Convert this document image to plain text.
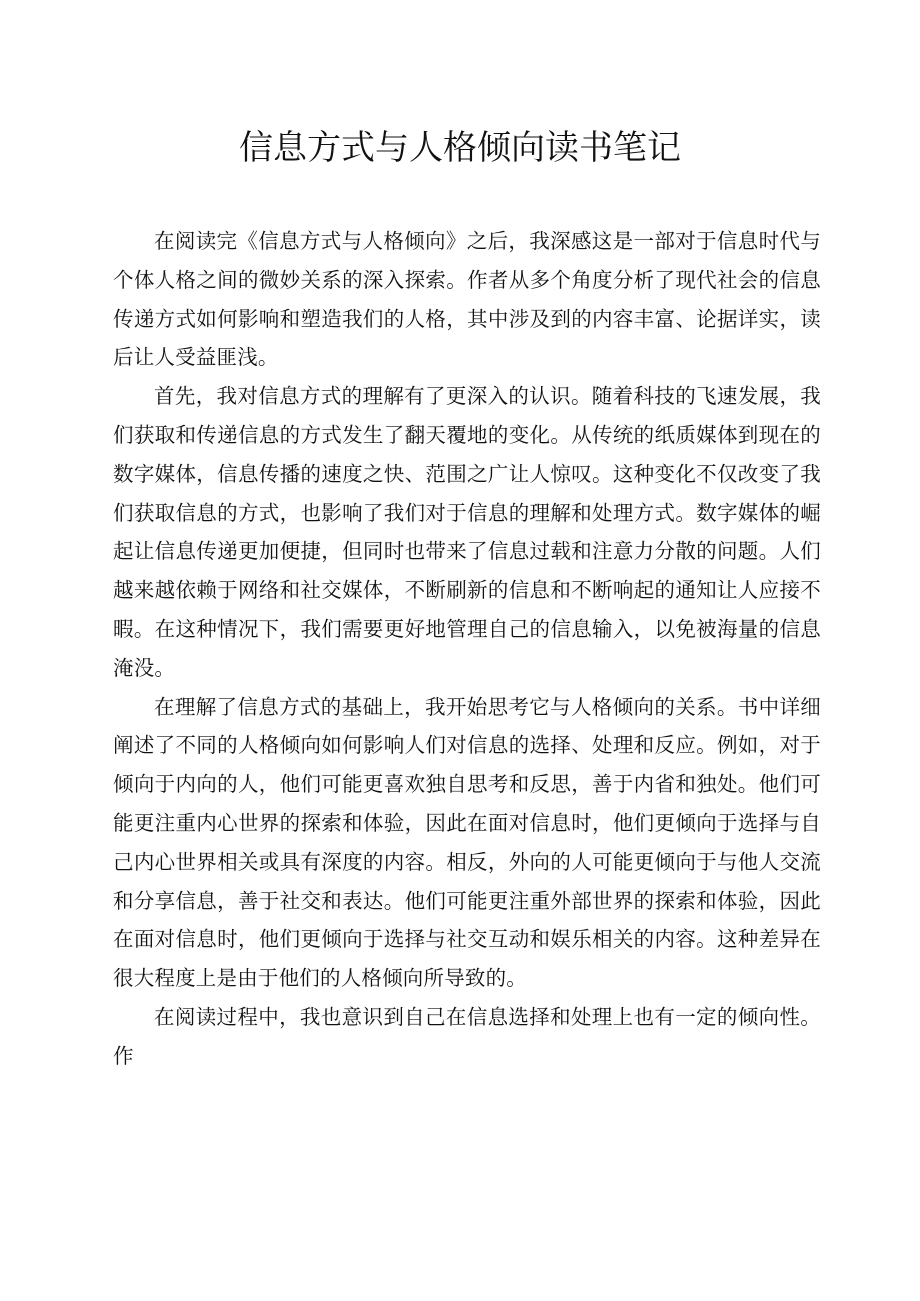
信息方式与人格倾向读书笔记

在阅读完《信息方式与人格倾向》之后，我深感这是一部对于信息时代与个体人格之间的微妙关系的深入探索。作者从多个角度分析了现代社会的信息传递方式如何影响和塑造我们的人格，其中涉及到的内容丰富、论据详实，读后让人受益匪浅。

首先，我对信息方式的理解有了更深入的认识。随着科技的飞速发展，我们获取和传递信息的方式发生了翻天覆地的变化。从传统的纸质媒体到现在的数字媒体，信息传播的速度之快、范围之广让人惊叹。这种变化不仅改变了我们获取信息的方式，也影响了我们对于信息的理解和处理方式。数字媒体的崛起让信息传递更加便捷，但同时也带来了信息过载和注意力分散的问题。人们越来越依赖于网络和社交媒体，不断刷新的信息和不断响起的通知让人应接不暇。在这种情况下，我们需要更好地管理自己的信息输入，以免被海量的信息淹没。

在理解了信息方式的基础上，我开始思考它与人格倾向的关系。书中详细阐述了不同的人格倾向如何影响人们对信息的选择、处理和反应。例如，对于倾向于内向的人，他们可能更喜欢独自思考和反思，善于内省和独处。他们可能更注重内心世界的探索和体验，因此在面对信息时，他们更倾向于选择与自己内心世界相关或具有深度的内容。相反，外向的人可能更倾向于与他人交流和分享信息，善于社交和表达。他们可能更注重外部世界的探索和体验，因此在面对信息时，他们更倾向于选择与社交互动和娱乐相关的内容。这种差异在很大程度上是由于他们的人格倾向所导致的。

在阅读过程中，我也意识到自己在信息选择和处理上也有一定的倾向性。作
